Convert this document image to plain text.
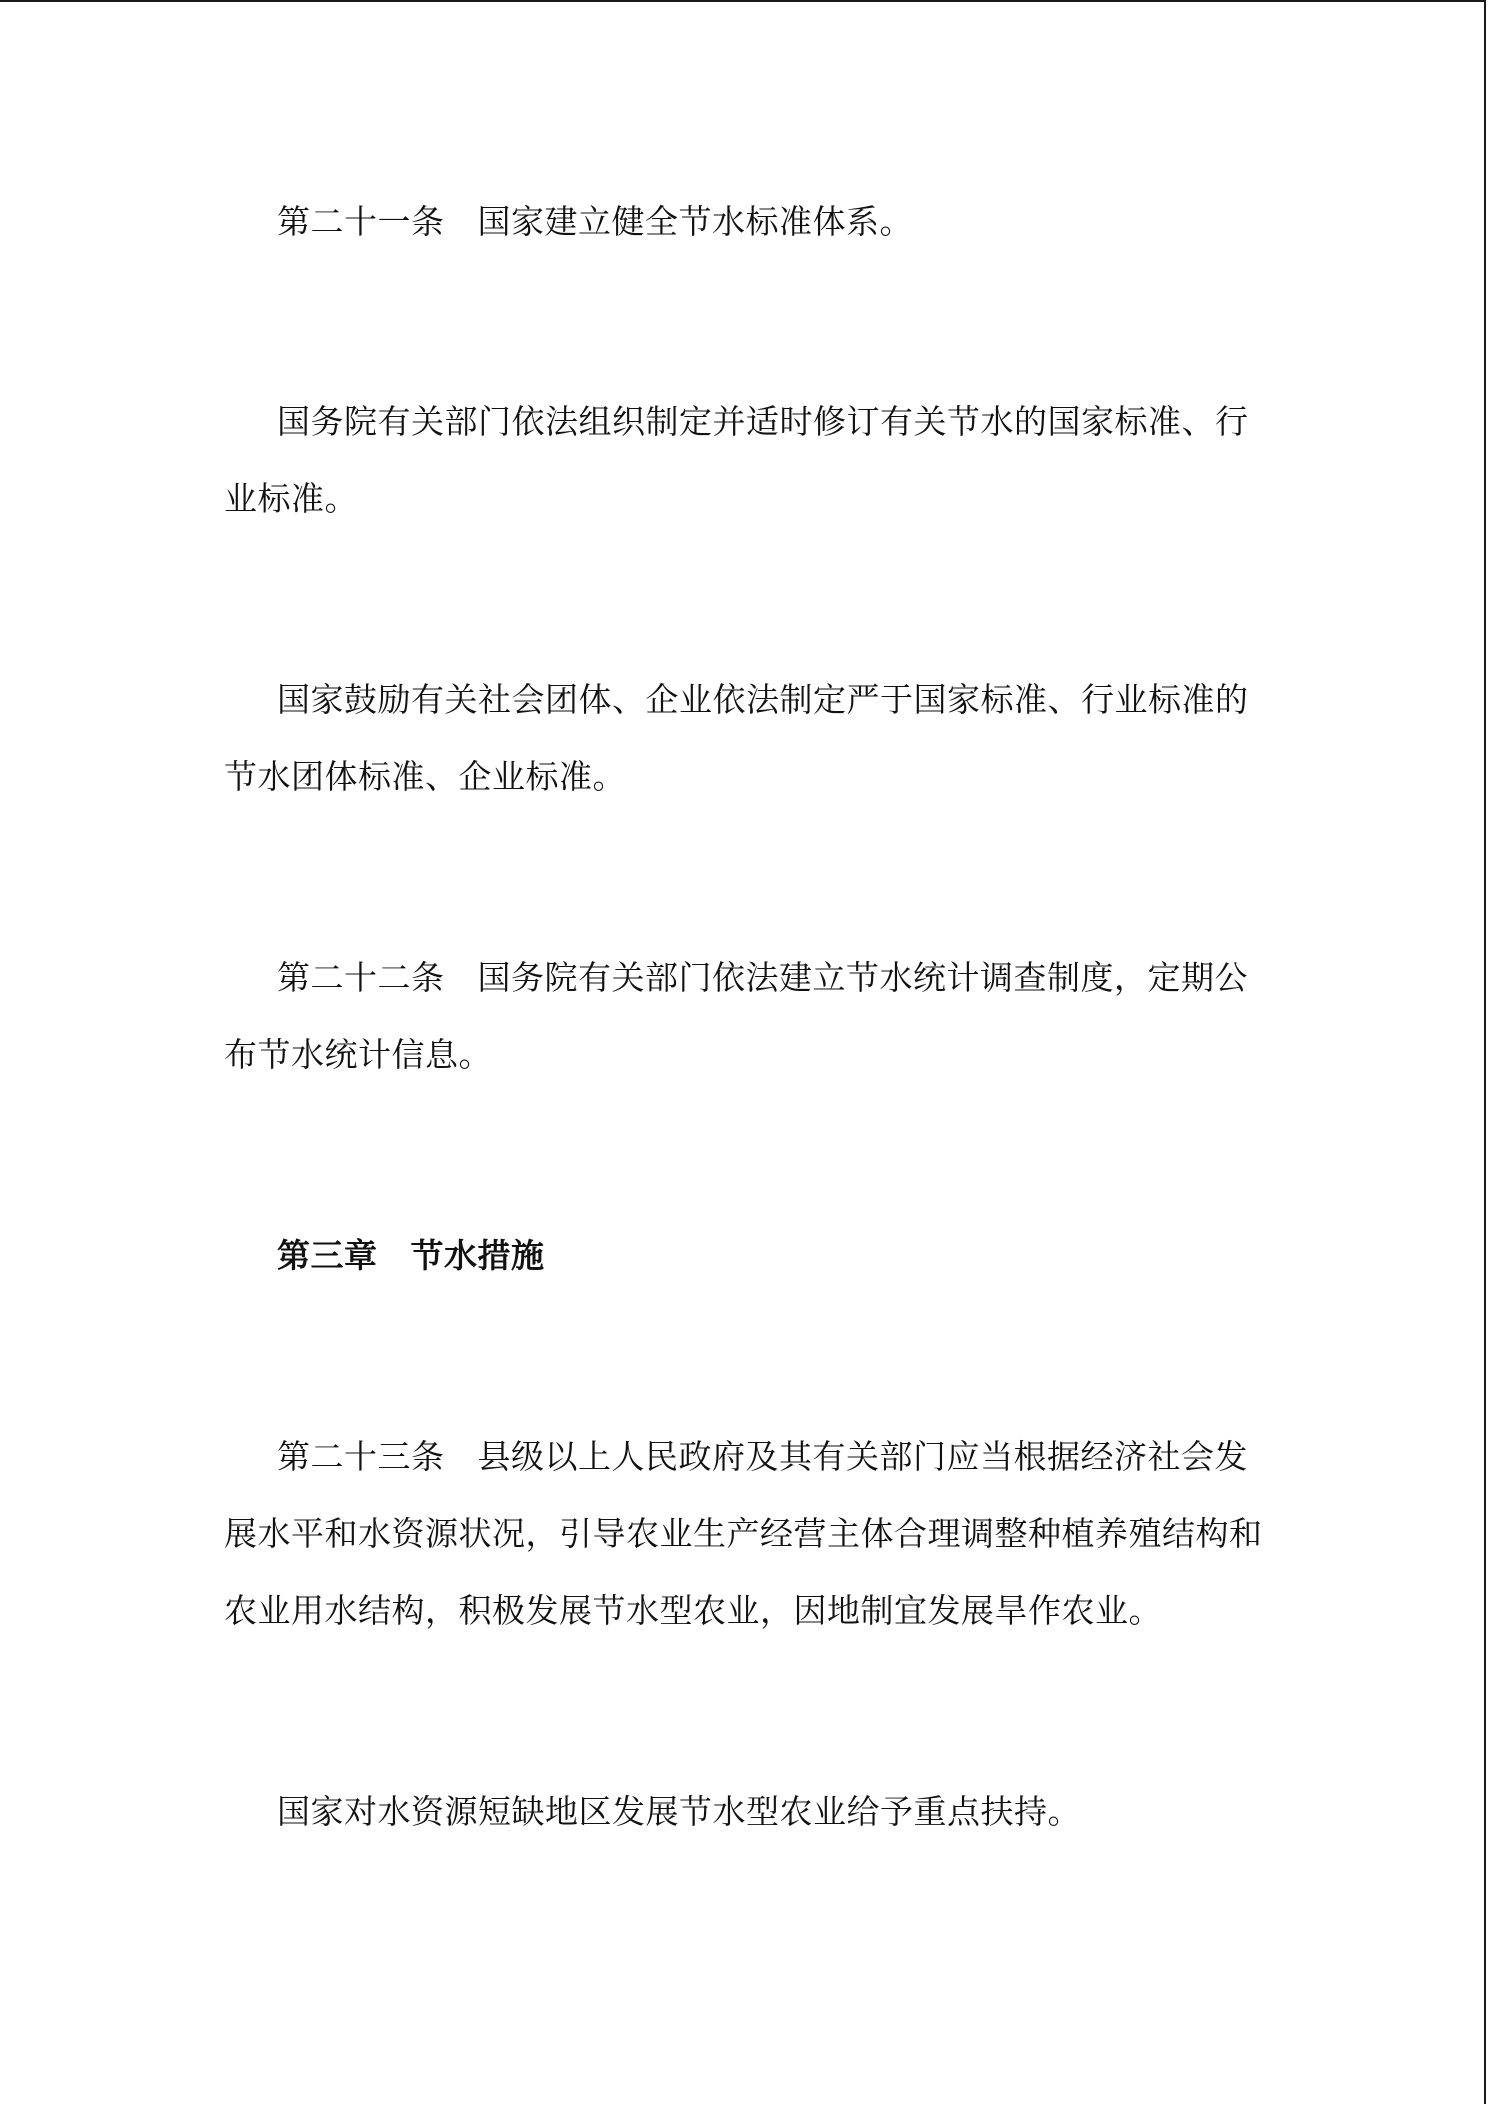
第二十一条 国家建立健全节水标准体系。

国务院有关部门依法组织制定并适时修订有关节水的国家标准、行业标准。

国家鼓励有关社会团体、企业依法制定严于国家标准、行业标准的节水团体标准、企业标准。

第二十二条 国务院有关部门依法建立节水统计调查制度，定期公布节水统计信息。

第三章 节水措施

第二十三条 县级以上人民政府及其有关部门应当根据经济社会发展水平和水资源状况，引导农业生产经营主体合理调整种植养殖结构和农业用水结构，积极发展节水型农业，因地制宜发展旱作农业。

国家对水资源短缺地区发展节水型农业给予重点扶持。
